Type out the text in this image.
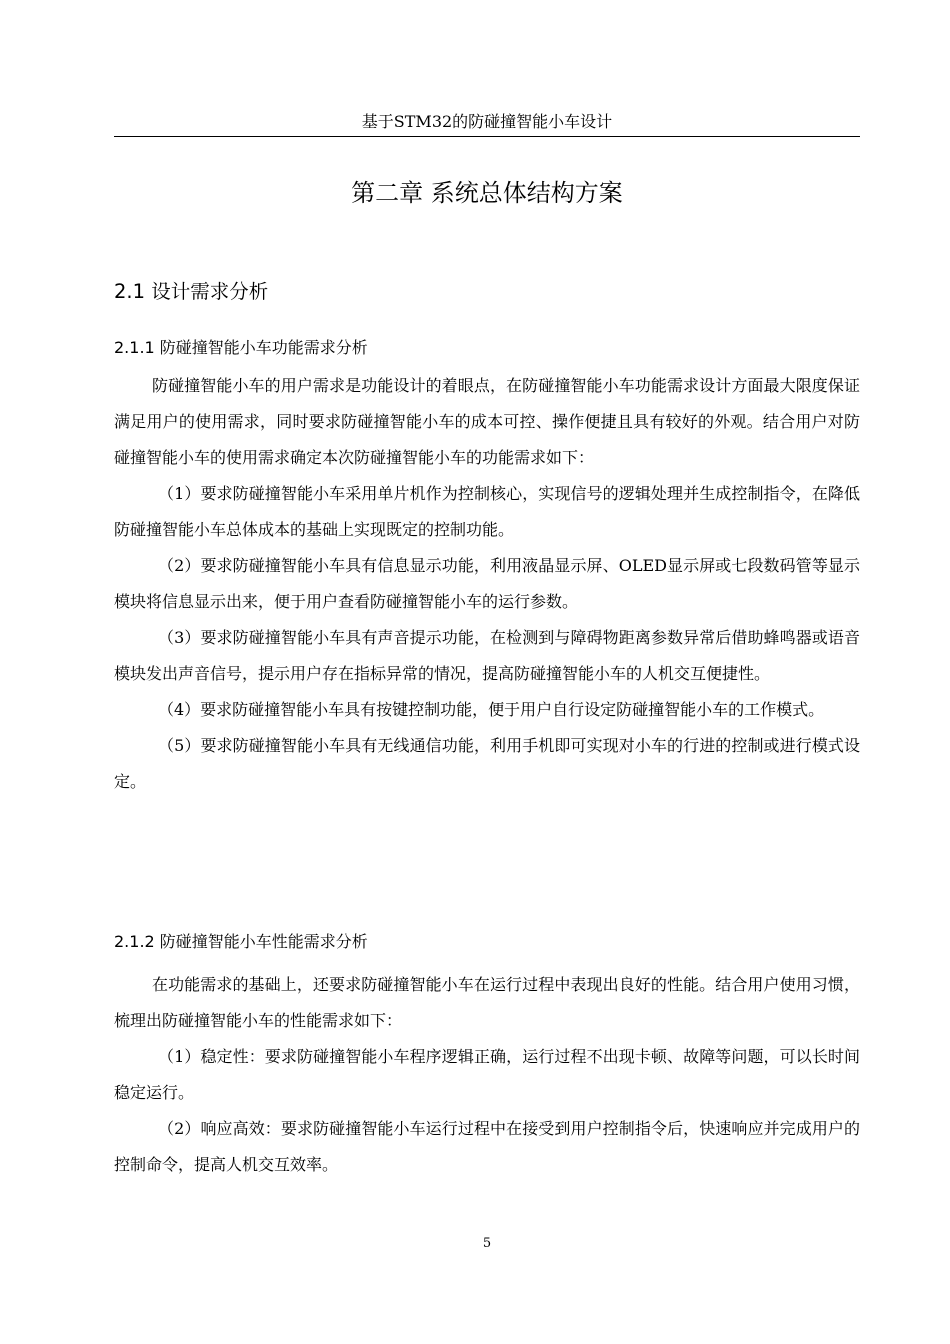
基于STM32的防碰撞智能小车设计
第二章 系统总体结构方案
2.1 设计需求分析
2.1.1 防碰撞智能小车功能需求分析

防碰撞智能小车的用户需求是功能设计的着眼点，在防碰撞智能小车功能需求设计方面最大限度保证满足用户的使用需求，同时要求防碰撞智能小车的成本可控、操作便捷且具有较好的外观。结合用户对防碰撞智能小车的使用需求确定本次防碰撞智能小车的功能需求如下：

（1）要求防碰撞智能小车采用单片机作为控制核心，实现信号的逻辑处理并生成控制指令，在降低防碰撞智能小车总体成本的基础上实现既定的控制功能。

（2）要求防碰撞智能小车具有信息显示功能，利用液晶显示屏、OLED显示屏或七段数码管等显示模块将信息显示出来，便于用户查看防碰撞智能小车的运行参数。

（3）要求防碰撞智能小车具有声音提示功能，在检测到与障碍物距离参数异常后借助蜂鸣器或语音模块发出声音信号，提示用户存在指标异常的情况，提高防碰撞智能小车的人机交互便捷性。

（4）要求防碰撞智能小车具有按键控制功能，便于用户自行设定防碰撞智能小车的工作模式。

（5）要求防碰撞智能小车具有无线通信功能，利用手机即可实现对小车的行进的控制或进行模式设定。

2.1.2 防碰撞智能小车性能需求分析

在功能需求的基础上，还要求防碰撞智能小车在运行过程中表现出良好的性能。结合用户使用习惯，梳理出防碰撞智能小车的性能需求如下：

（1）稳定性：要求防碰撞智能小车程序逻辑正确，运行过程不出现卡顿、故障等问题，可以长时间稳定运行。

（2）响应高效：要求防碰撞智能小车运行过程中在接受到用户控制指令后，快速响应并完成用户的控制命令，提高人机交互效率。

5
